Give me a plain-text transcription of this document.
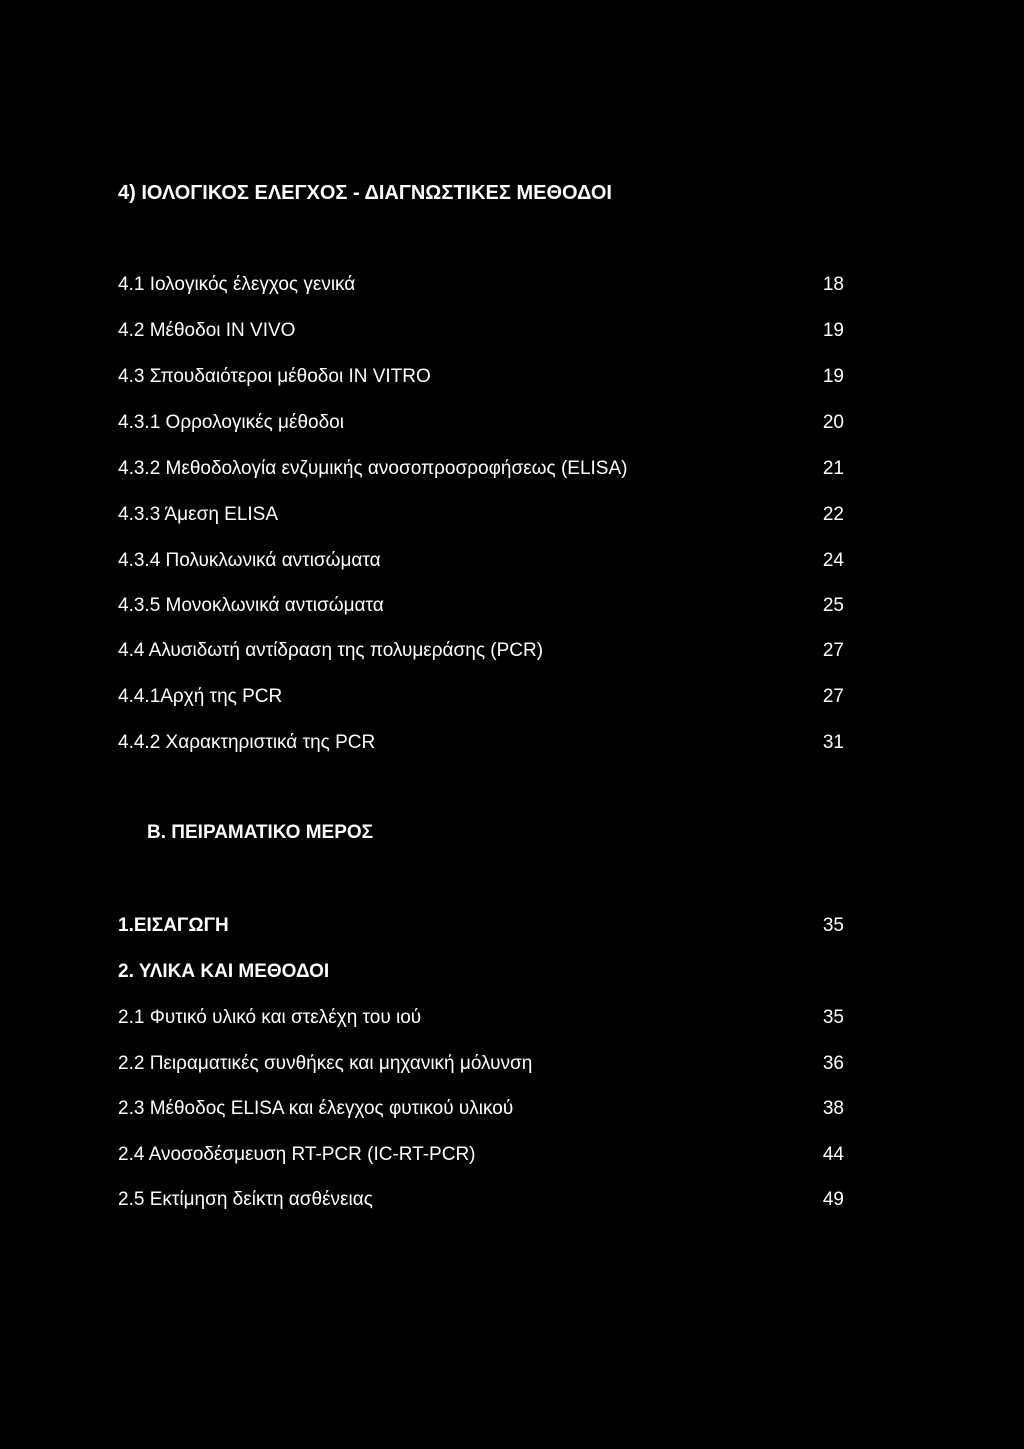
4) ΙΟΛΟΓΙΚΟΣ ΕΛΕΓΧΟΣ - ΔΙΑΓΝΩΣΤΙΚΕΣ ΜΕΘΟΔΟΙ
4.1 Ιολογικός έλεγχος γενικά	18
4.2 Μέθοδοι IN VIVO	19
4.3 Σπουδαιότεροι μέθοδοι IN VITRO	19
4.3.1 Ορρολογικές μέθοδοι	20
4.3.2 Μεθοδολογία ενζυμικής ανοσοπροσροφήσεως (ELISA)	21
4.3.3 Άμεση ELISA	22
4.3.4 Πολυκλωνικά αντισώματα	24
4.3.5 Μονοκλωνικά αντισώματα	25
4.4 Αλυσιδωτή αντίδραση της πολυμεράσης (PCR)	27
4.4.1Αρχή της PCR	27
4.4.2 Χαρακτηριστικά της PCR	31
Β. ΠΕΙΡΑΜΑΤΙΚΟ ΜΕΡΟΣ
1.ΕΙΣΑΓΩΓΗ	35
2. ΥΛΙΚΑ ΚΑΙ ΜΕΘΟΔΟΙ
2.1 Φυτικό υλικό και στελέχη του ιού	35
2.2 Πειραματικές συνθήκες και μηχανική μόλυνση	36
2.3 Μέθοδος ELISA και έλεγχος φυτικού υλικού	38
2.4 Ανοσοδέσμευση RT-PCR (IC-RT-PCR)	44
2.5 Εκτίμηση δείκτη ασθένειας	49
